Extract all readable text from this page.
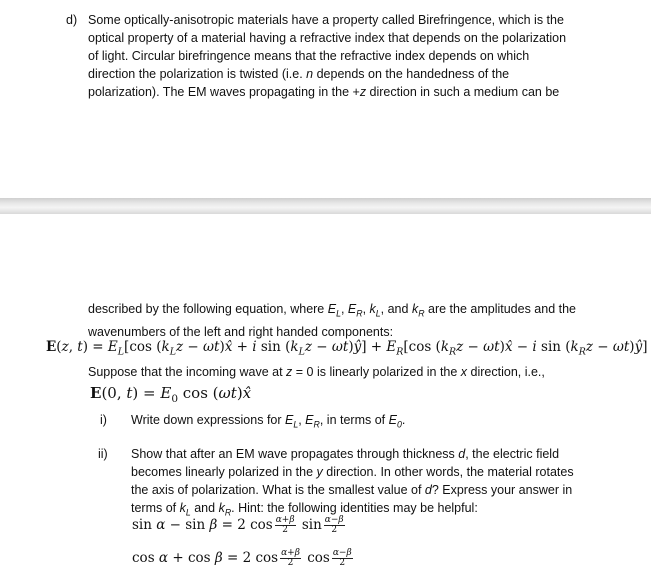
d) Some optically-anisotropic materials have a property called Birefringence, which is the
optical property of a material having a refractive index that depends on the polarization
of light. Circular birefringence means that the refractive index depends on which
direction the polarization is twisted (i.e. n depends on the handedness of the
polarization). The EM waves propagating in the +z direction in such a medium can be
described by the following equation, where $E_L$, $E_R$, $k_L$, and $k_R$ are the amplitudes and the
wavenumbers of the left and right handed components:
E(z, $t) = E_L[\cos$ ($k_Lz$ − ωt)x̂ + i $\sin (k_Lz$ − ωt)ŷ] + $E_R[\cos$ ($k_Rz$ − ωt)x̂ − i $\sin (k_Rz$ − ωt)ŷ]
Suppose that the incoming wave at z = 0 is linearly polarized in the x direction, i.e.,
E(0, $t) = E_0$ cos (ωt)x̂
i) Write down expressions for $E_L$, $E_R$, in terms of $E_0$.
ii) Show that after an EM wave propagates through thickness d, the electric field
becomes linearly polarized in the y direction. In other words, the material rotates
the axis of polarization. What is the smallest value of d? Express your answer in
terms of $k_L$ and $k_R$. Hint: the following identities may be helpful:
sin α − sin β = 2 $\cos \frac{\alpha+\beta}{2}$ $\sin \frac{\alpha-\beta}{2}$
cos α + cos β = 2 $\cos \frac{\alpha+\beta}{2}$ $\cos \frac{\alpha-\beta}{2}$
